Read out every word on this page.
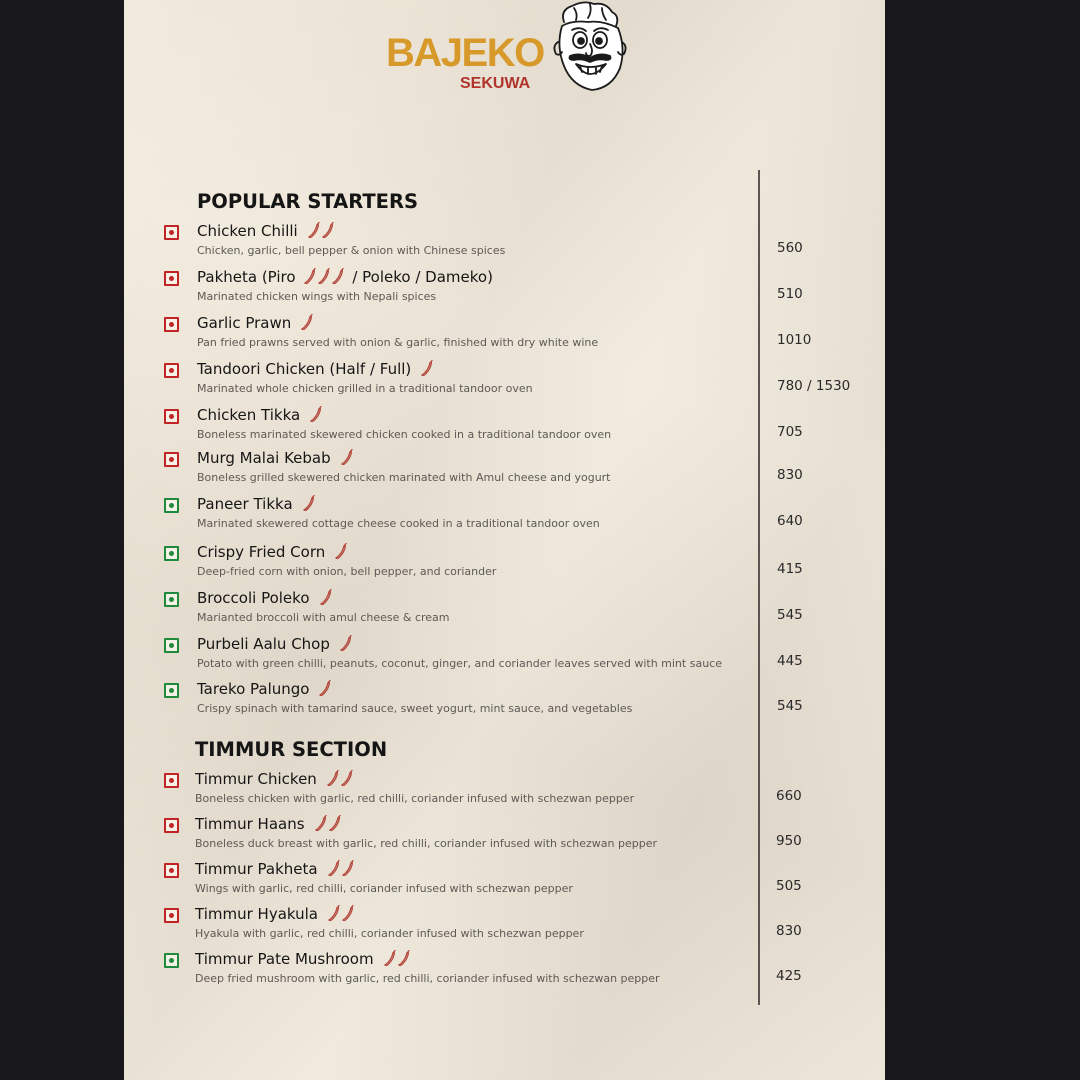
BAJEKO
SEKUWA
POPULAR STARTERS
Chicken Chilli
Chicken, garlic, bell pepper & onion with Chinese spices	560
Pakheta (Piro	/ Poleko / Dameko)
Marinated chicken wings with Nepali spices	510
Garlic Prawn
Pan fried prawns served with onion & garlic, finished with dry white wine	1010
Tandoori Chicken (Half / Full)
Marinated whole chicken grilled in a traditional tandoor oven	780 / 1530
Chicken Tikka
Boneless marinated skewered chicken cooked in a traditional tandoor oven	705
Murg Malai Kebab
Boneless grilled skewered chicken marinated with Amul cheese and yogurt	830
Paneer Tikka
Marinated skewered cottage cheese cooked in a traditional tandoor oven	640
Crispy Fried Corn
Deep-fried corn with onion, bell pepper, and coriander	415
Broccoli Poleko
Marianted broccoli with amul cheese & cream	545
Purbeli Aalu Chop
Potato with green chilli, peanuts, coconut, ginger, and coriander leaves served with mint sauce	445
Tareko Palungo
Crispy spinach with tamarind sauce, sweet yogurt, mint sauce, and vegetables	545
TIMMUR SECTION
Timmur Chicken
Boneless chicken with garlic, red chilli, coriander infused with schezwan pepper	660
Timmur Haans
Boneless duck breast with garlic, red chilli, coriander infused with schezwan pepper	950
Timmur Pakheta
Wings with garlic, red chilli, coriander infused with schezwan pepper	505
Timmur Hyakula
Hyakula with garlic, red chilli, coriander infused with schezwan pepper	830
Timmur Pate Mushroom
Deep fried mushroom with garlic, red chilli, coriander infused with schezwan pepper	425
